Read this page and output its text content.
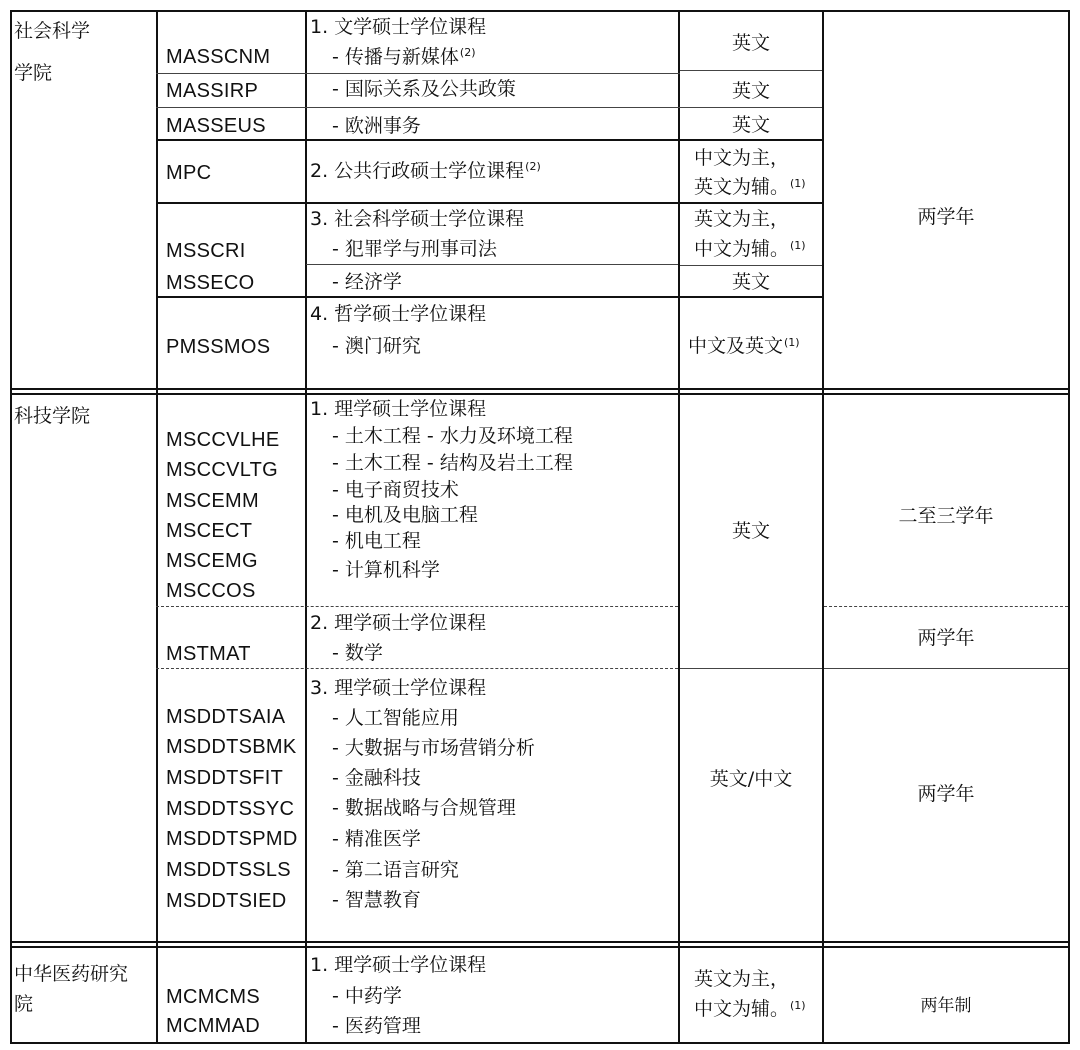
社会科学
学院
科技学院
中华医药研究
院
MASSCNM
MASSIRP
MASSEUS
MPC
MSSCRI
MSSECO
PMSSMOS
1. 文学硕士学位课程
- 传播与新媒体$^{(2)}$
- 国际关系及公共政策
- 欧洲事务
2. 公共行政硕士学位课程$^{(2)}$
3. 社会科学硕士学位课程
- 犯罪学与刑事司法
- 经济学
4. 哲学硕士学位课程
- 澳门研究
英文
英文
英文
中文为主，
英文为辅。$^{(1)}$
英文为主，
中文为辅。$^{(1)}$
英文
中文及英文$^{(1)}$
两学年
MSCCVLHE
MSCCVLTG
MSCEMM
MSCECT
MSCEMG
MSCCOS
MSTMAT
MSDDTSAIA
MSDDTSBMK
MSDDTSFIT
MSDDTSSYC
MSDDTSPMD
MSDDTSSLS
MSDDTSIED
1. 理学硕士学位课程
- 土木工程 - 水力及环境工程
- 土木工程 - 结构及岩土工程
- 电子商贸技术
- 电机及电脑工程
- 机电工程
- 计算机科学
2. 理学硕士学位课程
- 数学
3. 理学硕士学位课程
- 人工智能应用
- 大數据与市场营销分析
- 金融科技
- 數据战略与合规管理
- 精准医学
- 第二语言研究
- 智慧教育
英文
英文/中文
二至三学年
两学年
两学年
MCMCMS
MCMMAD
1. 理学硕士学位课程
- 中药学
- 医药管理
英文为主，
中文为辅。$^{(1)}$	两年制
